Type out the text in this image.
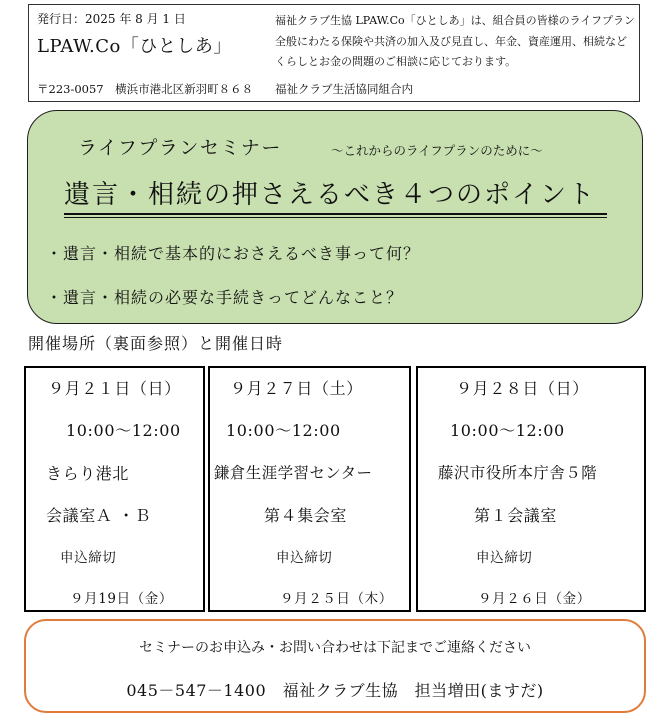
発行日：2025 年 8 月 1 日
LPAW.Co「ひとしあ」
〒223-0057　横浜市港北区新羽町８６８
福祉クラブ生協 LPAW.Co「ひとしあ」は、組合員の皆様のライフプラン全般にわたる保険や共済の加入及び見直し、年金、資産運用、相続などくらしとお金の問題のご相談に応じております。
福祉クラブ生活協同組合内
ライフプランセミナー	～これからのライフプランのために～
遺言・相続の押さえるべき４つのポイント
・遺言・相続で基本的におさえるべき事って何？
・遺言・相続の必要な手続きってどんなこと？
開催場所（裏面参照）と開催日時
９月２１日（日）
10:00～12:00
きらり港北
会議室Ａ ・Ｂ
申込締切
９月19日（金）
９月２７日（土）
10:00～12:00
鎌倉生涯学習センター
第４集会室
申込締切
９月２５日（木）
９月２８日（日）
10:00～12:00
藤沢市役所本庁舎５階
第１会議室
申込締切
９月２６日（金）
セミナーのお申込み・お問い合わせは下記までご連絡ください
045－547－1400　福祉クラブ生協　担当増田(ますだ)
